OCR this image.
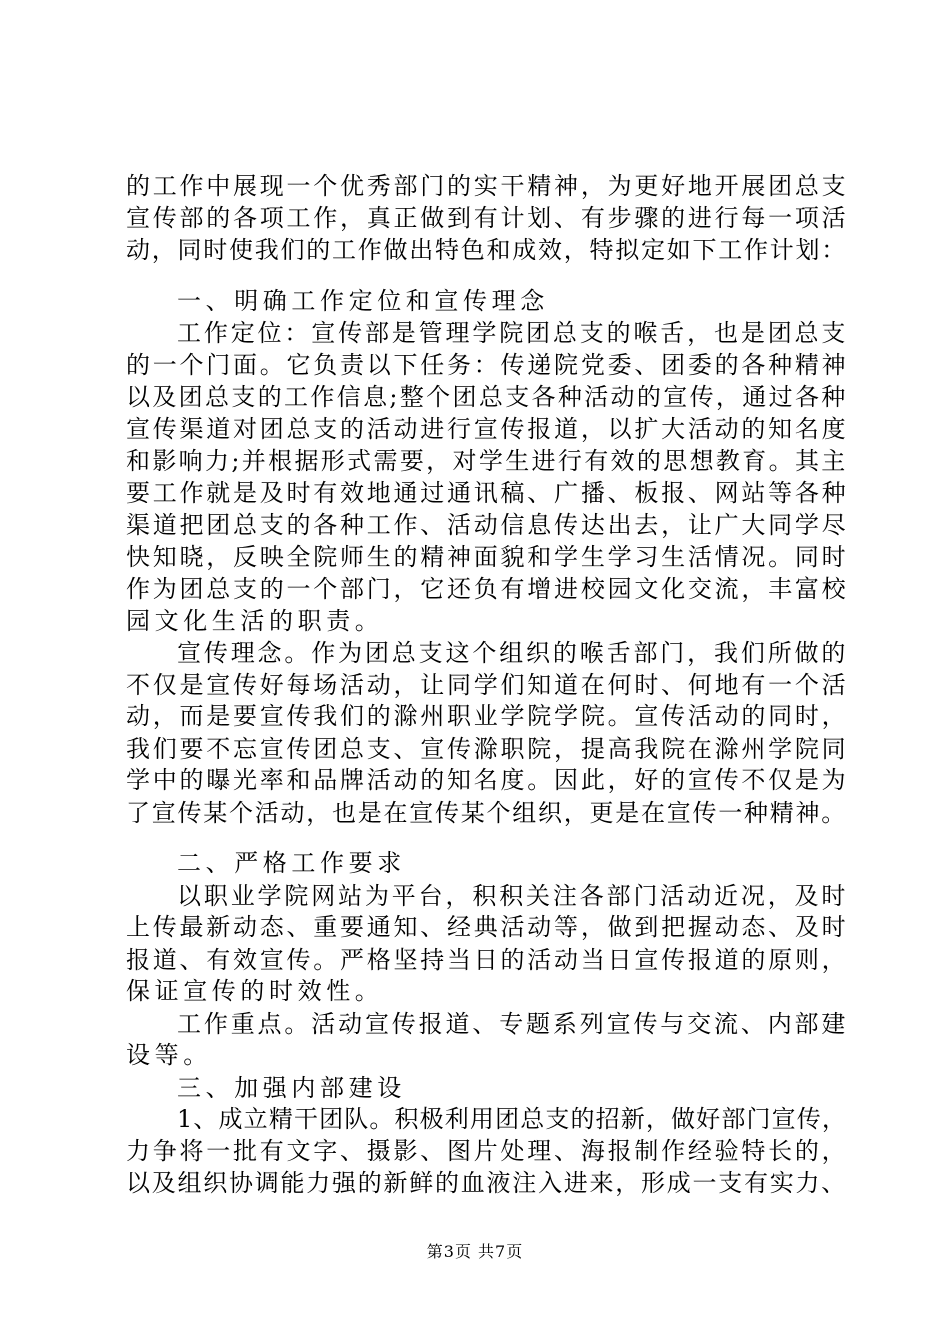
的工作中展现一个优秀部门的实干精神，为更好地开展团总支
宣传部的各项工作，真正做到有计划、有步骤的进行每一项活
动，同时使我们的工作做出特色和成效，特拟定如下工作计划：
一、明确工作定位和宣传理念
工作定位：宣传部是管理学院团总支的喉舌，也是团总支
的一个门面。它负责以下任务：传递院党委、团委的各种精神
以及团总支的工作信息;整个团总支各种活动的宣传，通过各种
宣传渠道对团总支的活动进行宣传报道，以扩大活动的知名度
和影响力;并根据形式需要，对学生进行有效的思想教育。其主
要工作就是及时有效地通过通讯稿、广播、板报、网站等各种
渠道把团总支的各种工作、活动信息传达出去，让广大同学尽
快知晓，反映全院师生的精神面貌和学生学习生活情况。同时
作为团总支的一个部门，它还负有增进校园文化交流，丰富校
园文化生活的职责。
宣传理念。作为团总支这个组织的喉舌部门，我们所做的
不仅是宣传好每场活动，让同学们知道在何时、何地有一个活
动，而是要宣传我们的滁州职业学院学院。宣传活动的同时，
我们要不忘宣传团总支、宣传滁职院，提高我院在滁州学院同
学中的曝光率和品牌活动的知名度。因此，好的宣传不仅是为
了宣传某个活动，也是在宣传某个组织，更是在宣传一种精神。
二、严格工作要求
以职业学院网站为平台，积积关注各部门活动近况，及时
上传最新动态、重要通知、经典活动等，做到把握动态、及时
报道、有效宣传。严格坚持当日的活动当日宣传报道的原则，
保证宣传的时效性。
工作重点。活动宣传报道、专题系列宣传与交流、内部建
设等。
三、加强内部建设
1、成立精干团队。积极利用团总支的招新，做好部门宣传，
力争将一批有文字、摄影、图片处理、海报制作经验特长的，
以及组织协调能力强的新鲜的血液注入进来，形成一支有实力、
第3页 共7页
